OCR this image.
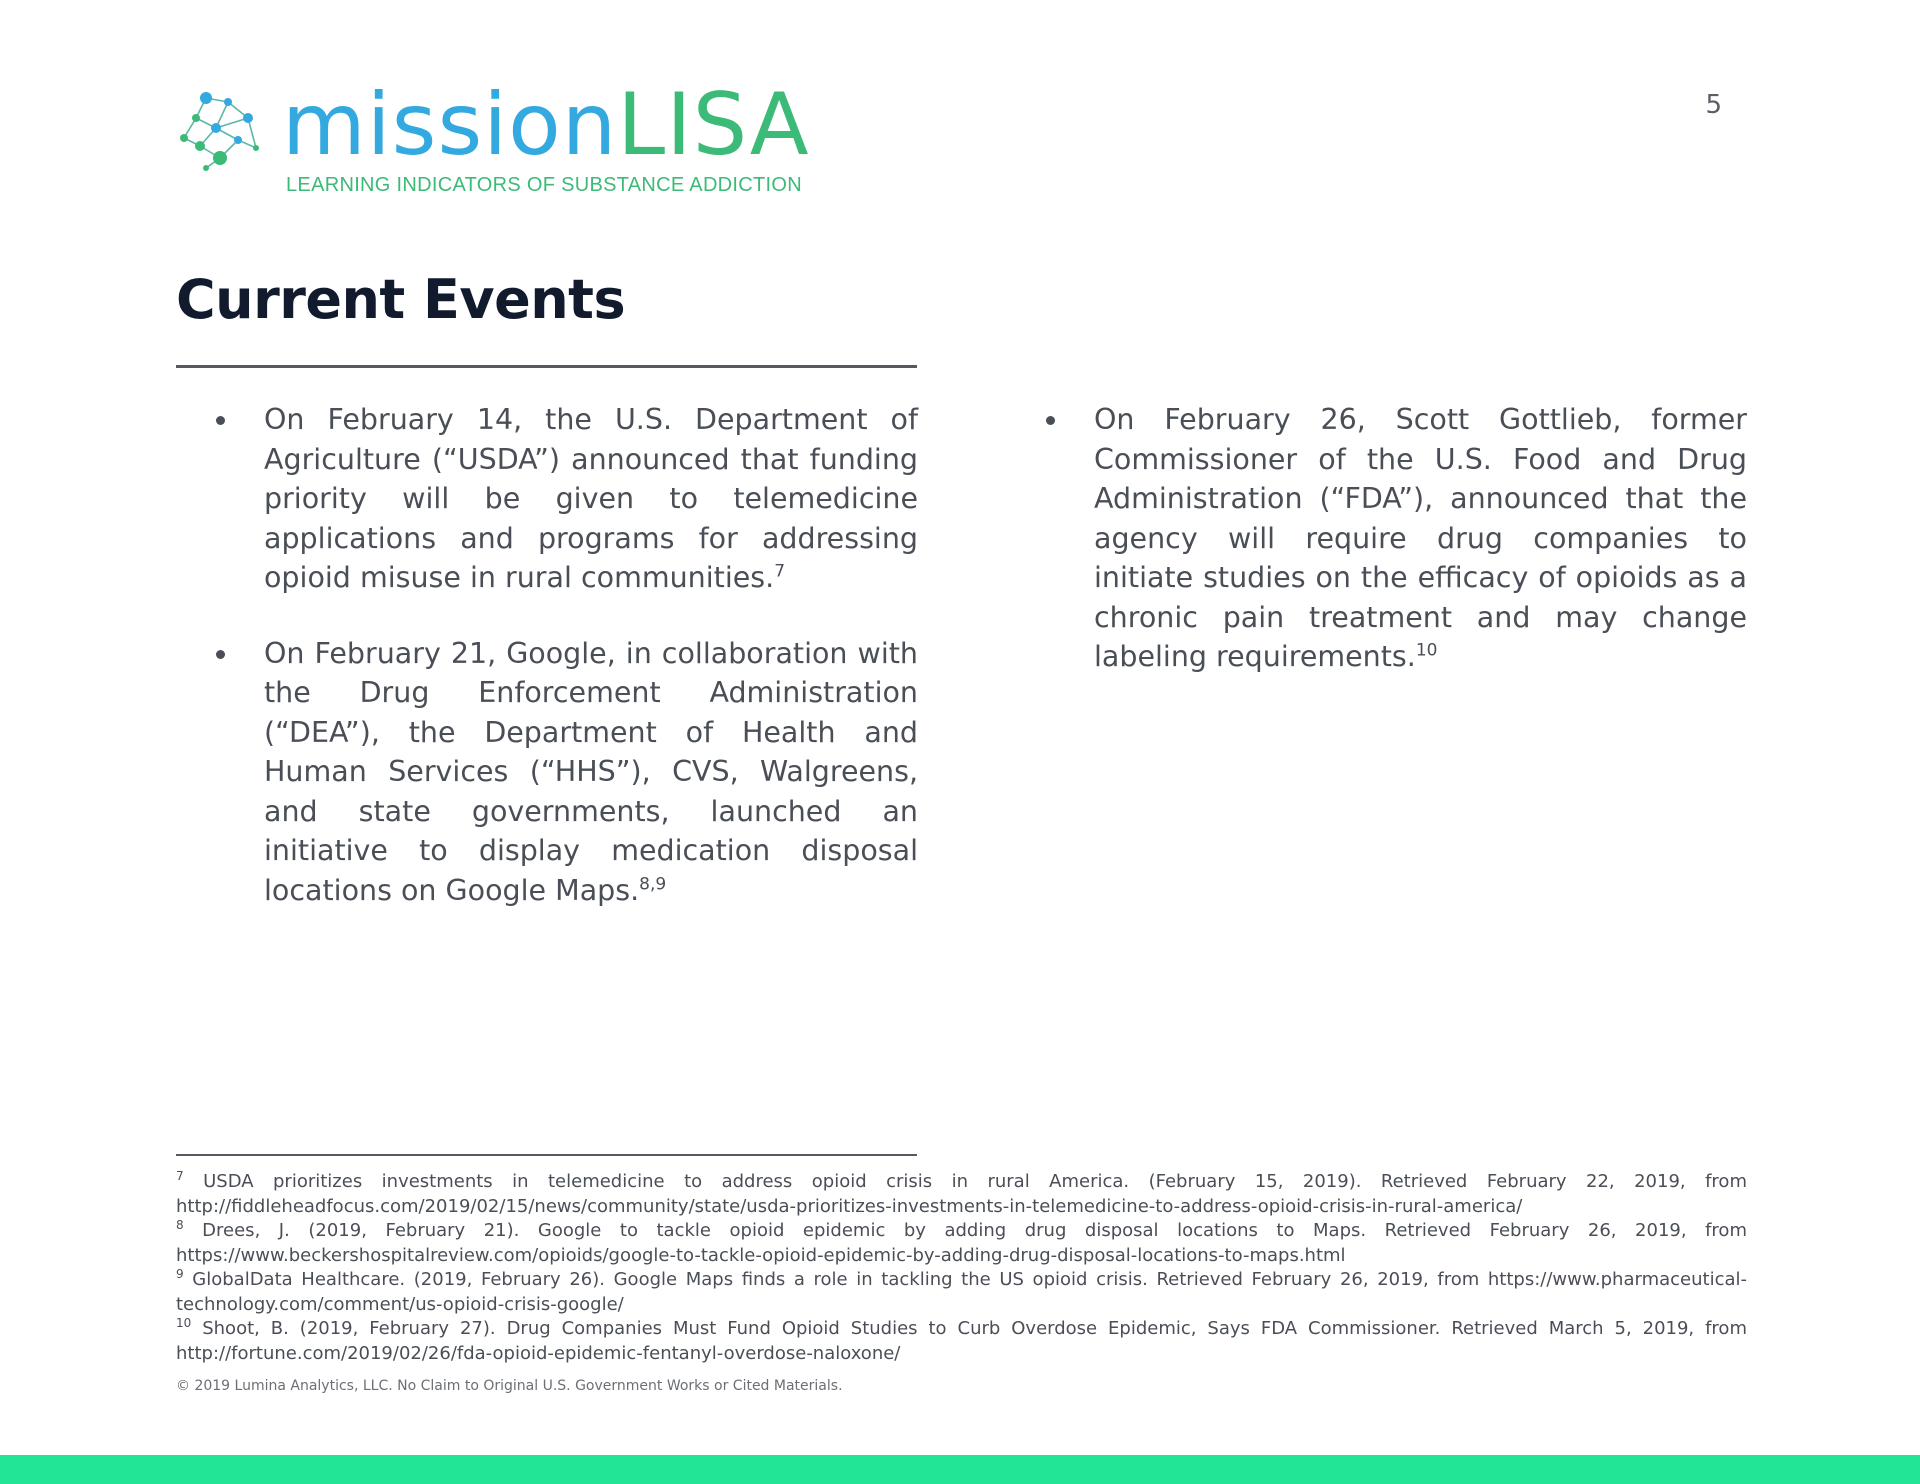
missionLISA
LEARNING INDICATORS OF SUBSTANCE ADDICTION
5
Current Events
On February 14, the U.S. Department of Agriculture (“USDA”) announced that funding priority will be given to telemedicine applications and programs for addressing opioid misuse in rural communities.$^7$
On February 21, Google, in collaboration with the Drug Enforcement Administration (“DEA”), the Department of Health and Human Services (“HHS”), CVS, Walgreens, and state governments, launched an initiative to display medication disposal locations on Google Maps.$^{8,9}$
On February 26, Scott Gottlieb, former Commissioner of the U.S. Food and Drug Administration (“FDA”), announced that the agency will require drug companies to initiate studies on the efficacy of opioids as a chronic pain treatment and may change labeling requirements.$^{10}$

$^7$ USDA prioritizes investments in telemedicine to address opioid crisis in rural America. (February 15, 2019). Retrieved February 22, 2019, from http://fiddleheadfocus.com/2019/02/15/news/community/state/usda-prioritizes-investments-in-telemedicine-to-address-opioid-crisis-in-rural-america/

$^8$ Drees, J. (2019, February 21). Google to tackle opioid epidemic by adding drug disposal locations to Maps. Retrieved February 26, 2019, from https://www.beckershospitalreview.com/opioids/google-to-tackle-opioid-epidemic-by-adding-drug-disposal-locations-to-maps.html

$^9$ GlobalData Healthcare. (2019, February 26). Google Maps finds a role in tackling the US opioid crisis. Retrieved February 26, 2019, from https://www.pharmaceutical-technology.com/comment/us-opioid-crisis-google/

$^{10}$ Shoot, B. (2019, February 27). Drug Companies Must Fund Opioid Studies to Curb Overdose Epidemic, Says FDA Commissioner. Retrieved March 5, 2019, from http://fortune.com/2019/02/26/fda-opioid-epidemic-fentanyl-overdose-naloxone/

© 2019 Lumina Analytics, LLC. No Claim to Original U.S. Government Works or Cited Materials.
